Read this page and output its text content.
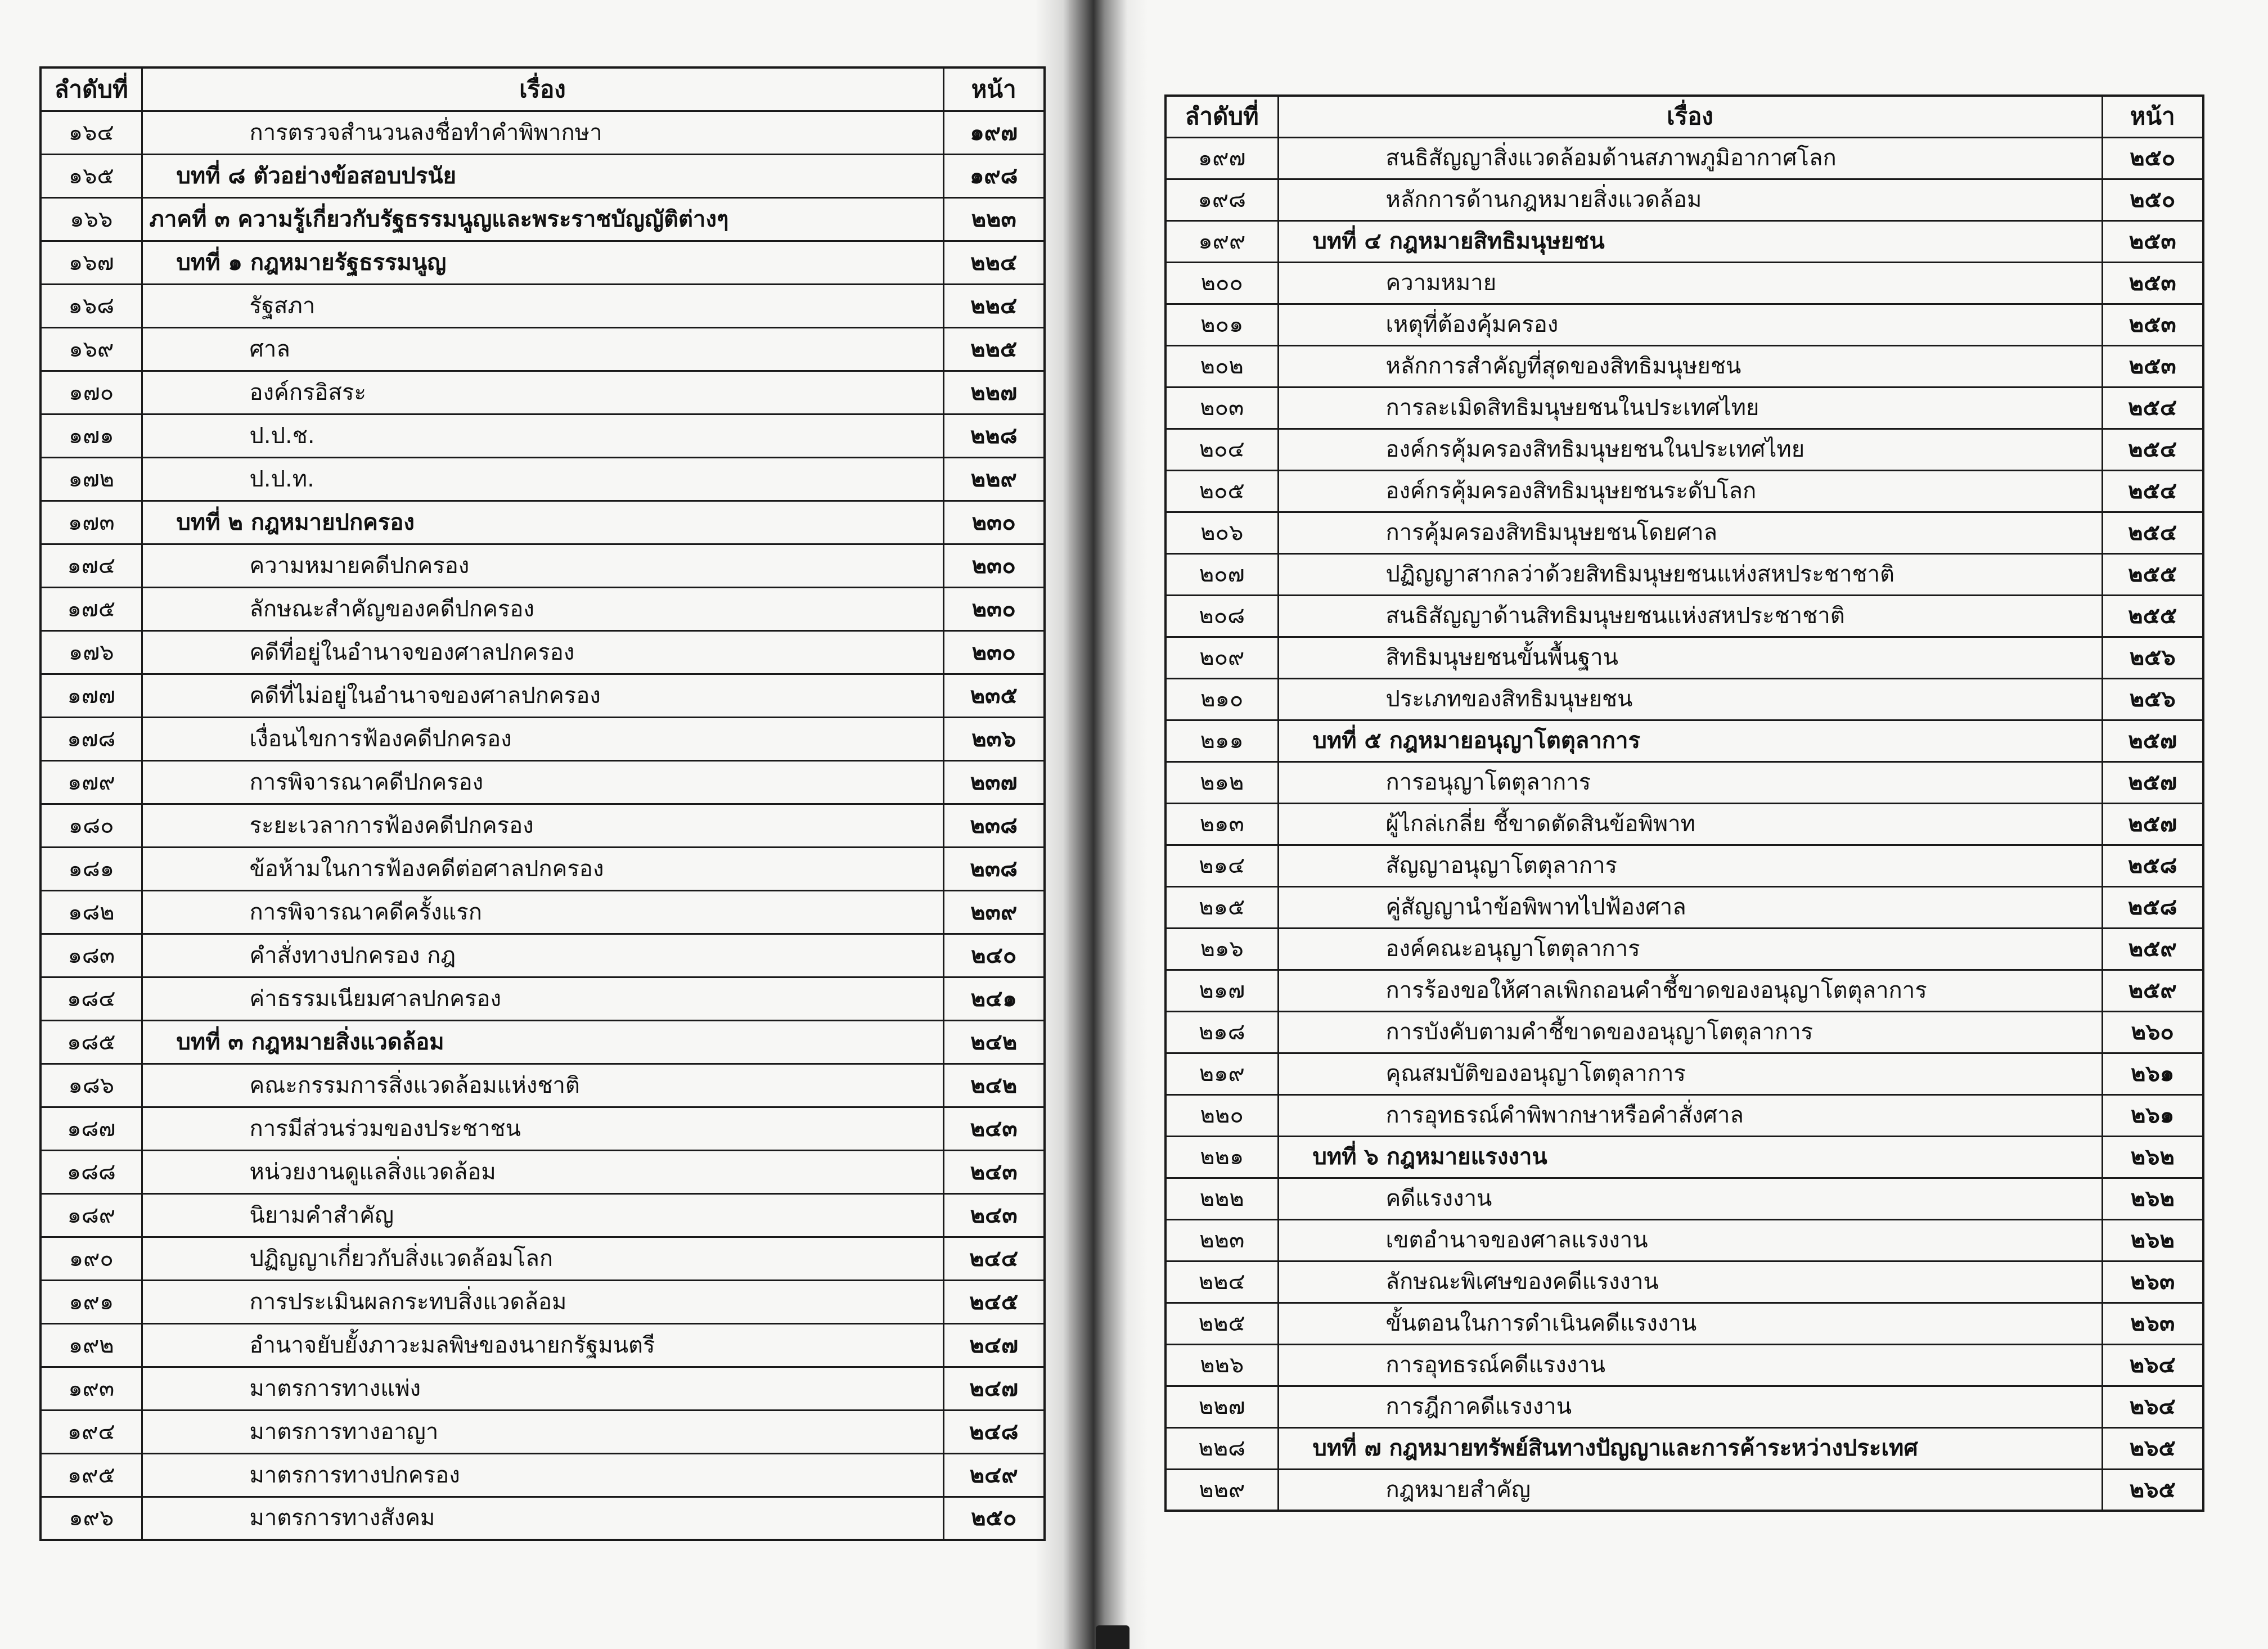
ลำดับที่	เรื่อง	หน้า
๑๖๔	การตรวจสำนวนลงชื่อทำคำพิพากษา	๑๙๗
๑๖๕	บทที่ ๘ ตัวอย่างข้อสอบปรนัย	๑๙๘
๑๖๖	ภาคที่ ๓ ความรู้เกี่ยวกับรัฐธรรมนูญและพระราชบัญญัติต่างๆ	๒๒๓
๑๖๗	บทที่ ๑ กฎหมายรัฐธรรมนูญ	๒๒๔
๑๖๘	รัฐสภา	๒๒๔
๑๖๙	ศาล	๒๒๕
๑๗๐	องค์กรอิสระ	๒๒๗
๑๗๑	ป.ป.ช.	๒๒๘
๑๗๒	ป.ป.ท.	๒๒๙
๑๗๓	บทที่ ๒ กฎหมายปกครอง	๒๓๐
๑๗๔	ความหมายคดีปกครอง	๒๓๐
๑๗๕	ลักษณะสำคัญของคดีปกครอง	๒๓๐
๑๗๖	คดีที่อยู่ในอำนาจของศาลปกครอง	๒๓๐
๑๗๗	คดีที่ไม่อยู่ในอำนาจของศาลปกครอง	๒๓๕
๑๗๘	เงื่อนไขการฟ้องคดีปกครอง	๒๓๖
๑๗๙	การพิจารณาคดีปกครอง	๒๓๗
๑๘๐	ระยะเวลาการฟ้องคดีปกครอง	๒๓๘
๑๘๑	ข้อห้ามในการฟ้องคดีต่อศาลปกครอง	๒๓๘
๑๘๒	การพิจารณาคดีครั้งแรก	๒๓๙
๑๘๓	คำสั่งทางปกครอง กฎ	๒๔๐
๑๘๔	ค่าธรรมเนียมศาลปกครอง	๒๔๑
๑๘๕	บทที่ ๓ กฎหมายสิ่งแวดล้อม	๒๔๒
๑๘๖	คณะกรรมการสิ่งแวดล้อมแห่งชาติ	๒๔๒
๑๘๗	การมีส่วนร่วมของประชาชน	๒๔๓
๑๘๘	หน่วยงานดูแลสิ่งแวดล้อม	๒๔๓
๑๘๙	นิยามคำสำคัญ	๒๔๓
๑๙๐	ปฏิญญาเกี่ยวกับสิ่งแวดล้อมโลก	๒๔๔
๑๙๑	การประเมินผลกระทบสิ่งแวดล้อม	๒๔๕
๑๙๒	อำนาจยับยั้งภาวะมลพิษของนายกรัฐมนตรี	๒๔๗
๑๙๓	มาตรการทางแพ่ง	๒๔๗
๑๙๔	มาตรการทางอาญา	๒๔๘
๑๙๕	มาตรการทางปกครอง	๒๔๙
๑๙๖	มาตรการทางสังคม	๒๕๐
ลำดับที่	เรื่อง	หน้า
๑๙๗	สนธิสัญญาสิ่งแวดล้อมด้านสภาพภูมิอากาศโลก	๒๕๐
๑๙๘	หลักการด้านกฎหมายสิ่งแวดล้อม	๒๕๐
๑๙๙	บทที่ ๔ กฎหมายสิทธิมนุษยชน	๒๕๓
๒๐๐	ความหมาย	๒๕๓
๒๐๑	เหตุที่ต้องคุ้มครอง	๒๕๓
๒๐๒	หลักการสำคัญที่สุดของสิทธิมนุษยชน	๒๕๓
๒๐๓	การละเมิดสิทธิมนุษยชนในประเทศไทย	๒๕๔
๒๐๔	องค์กรคุ้มครองสิทธิมนุษยชนในประเทศไทย	๒๕๔
๒๐๕	องค์กรคุ้มครองสิทธิมนุษยชนระดับโลก	๒๕๔
๒๐๖	การคุ้มครองสิทธิมนุษยชนโดยศาล	๒๕๔
๒๐๗	ปฏิญญาสากลว่าด้วยสิทธิมนุษยชนแห่งสหประชาชาติ	๒๕๕
๒๐๘	สนธิสัญญาด้านสิทธิมนุษยชนแห่งสหประชาชาติ	๒๕๕
๒๐๙	สิทธิมนุษยชนขั้นพื้นฐาน	๒๕๖
๒๑๐	ประเภทของสิทธิมนุษยชน	๒๕๖
๒๑๑	บทที่ ๕ กฎหมายอนุญาโตตุลาการ	๒๕๗
๒๑๒	การอนุญาโตตุลาการ	๒๕๗
๒๑๓	ผู้ไกล่เกลี่ย ชี้ขาดตัดสินข้อพิพาท	๒๕๗
๒๑๔	สัญญาอนุญาโตตุลาการ	๒๕๘
๒๑๕	คู่สัญญานำข้อพิพาทไปฟ้องศาล	๒๕๘
๒๑๖	องค์คณะอนุญาโตตุลาการ	๒๕๙
๒๑๗	การร้องขอให้ศาลเพิกถอนคำชี้ขาดของอนุญาโตตุลาการ	๒๕๙
๒๑๘	การบังคับตามคำชี้ขาดของอนุญาโตตุลาการ	๒๖๐
๒๑๙	คุณสมบัติของอนุญาโตตุลาการ	๒๖๑
๒๒๐	การอุทธรณ์คำพิพากษาหรือคำสั่งศาล	๒๖๑
๒๒๑	บทที่ ๖ กฎหมายแรงงาน	๒๖๒
๒๒๒	คดีแรงงาน	๒๖๒
๒๒๓	เขตอำนาจของศาลแรงงาน	๒๖๒
๒๒๔	ลักษณะพิเศษของคดีแรงงาน	๒๖๓
๒๒๕	ขั้นตอนในการดำเนินคดีแรงงาน	๒๖๓
๒๒๖	การอุทธรณ์คดีแรงงาน	๒๖๔
๒๒๗	การฎีกาคดีแรงงาน	๒๖๔
๒๒๘	บทที่ ๗ กฎหมายทรัพย์สินทางปัญญาและการค้าระหว่างประเทศ	๒๖๕
๒๒๙	กฎหมายสำคัญ	๒๖๕
